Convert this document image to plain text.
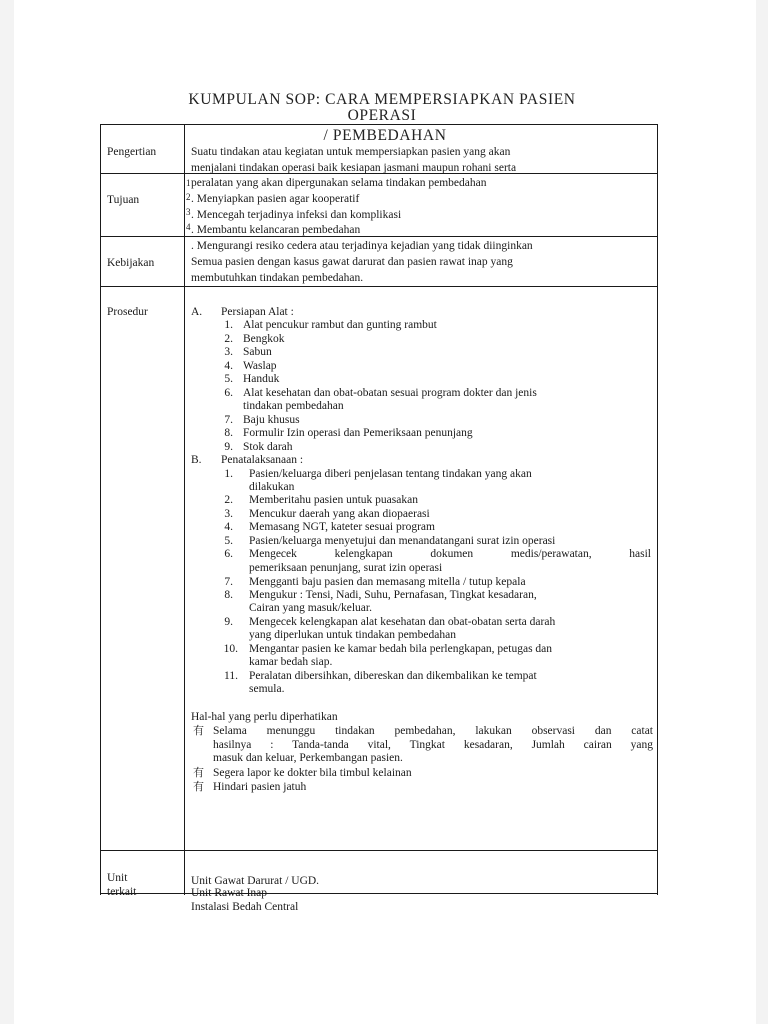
KUMPULAN SOP: CARA MEMPERSIAPKAN PASIEN
OPERASI
/ PEMBEDAHAN
Pengertian
Tujuan
Kebijakan
Prosedur
Unit
terkait
Suatu tindakan atau kegiatan untuk mempersiapkan pasien yang akan
menjalani tindakan operasi baik kesiapan jasmani maupun rohani serta
peralatan yang akan dipergunakan selama tindakan pembedahan
1
2
3
4
. Menyiapkan pasien agar kooperatif
. Mencegah terjadinya infeksi dan komplikasi
. Membantu kelancaran pembedahan
. Mengurangi resiko cedera atau terjadinya kejadian yang tidak diinginkan
Semua pasien dengan kasus gawat darurat dan pasien rawat inap yang
membutuhkan tindakan pembedahan.
A. Persiapan Alat :
1. Alat pencukur rambut dan gunting rambut
2. Bengkok
3. Sabun
4. Waslap
5. Handuk
6. Alat kesehatan dan obat-obatan sesuai program dokter dan jenis
tindakan pembedahan
7. Baju khusus
8. Formulir Izin operasi dan Pemeriksaan penunjang
9. Stok darah
B. Penatalaksanaan :
1. Pasien/keluarga diberi penjelasan tentang tindakan yang akan
dilakukan
2. Memberitahu pasien untuk puasakan
3. Mencukur daerah yang akan diopaerasi
4. Memasang NGT, kateter sesuai program
5. Pasien/keluarga menyetujui dan menandatangani surat izin operasi
6. Mengecek kelengkapan dokumen medis/perawatan, hasil
pemeriksaan penunjang, surat izin operasi
7. Mengganti baju pasien dan memasang mitella / tutup kepala
8. Mengukur : Tensi, Nadi, Suhu, Pernafasan, Tingkat kesadaran,
Cairan yang masuk/keluar.
9. Mengecek kelengkapan alat kesehatan dan obat-obatan serta darah
yang diperlukan untuk tindakan pembedahan
10. Mengantar pasien ke kamar bedah bila perlengkapan, petugas dan
kamar bedah siap.
11. Peralatan dibersihkan, dibereskan dan dikembalikan ke tempat
semula.
Hal-hal yang perlu diperhatikan
有 Selama menunggu tindakan pembedahan, lakukan observasi dan catat
hasilnya : Tanda-tanda vital, Tingkat kesadaran, Jumlah cairan yang
masuk dan keluar, Perkembangan pasien.
有 Segera lapor ke dokter bila timbul kelainan
有 Hindari pasien jatuh
Unit Gawat Darurat / UGD.
Unit Rawat Inap
Instalasi Bedah Central
